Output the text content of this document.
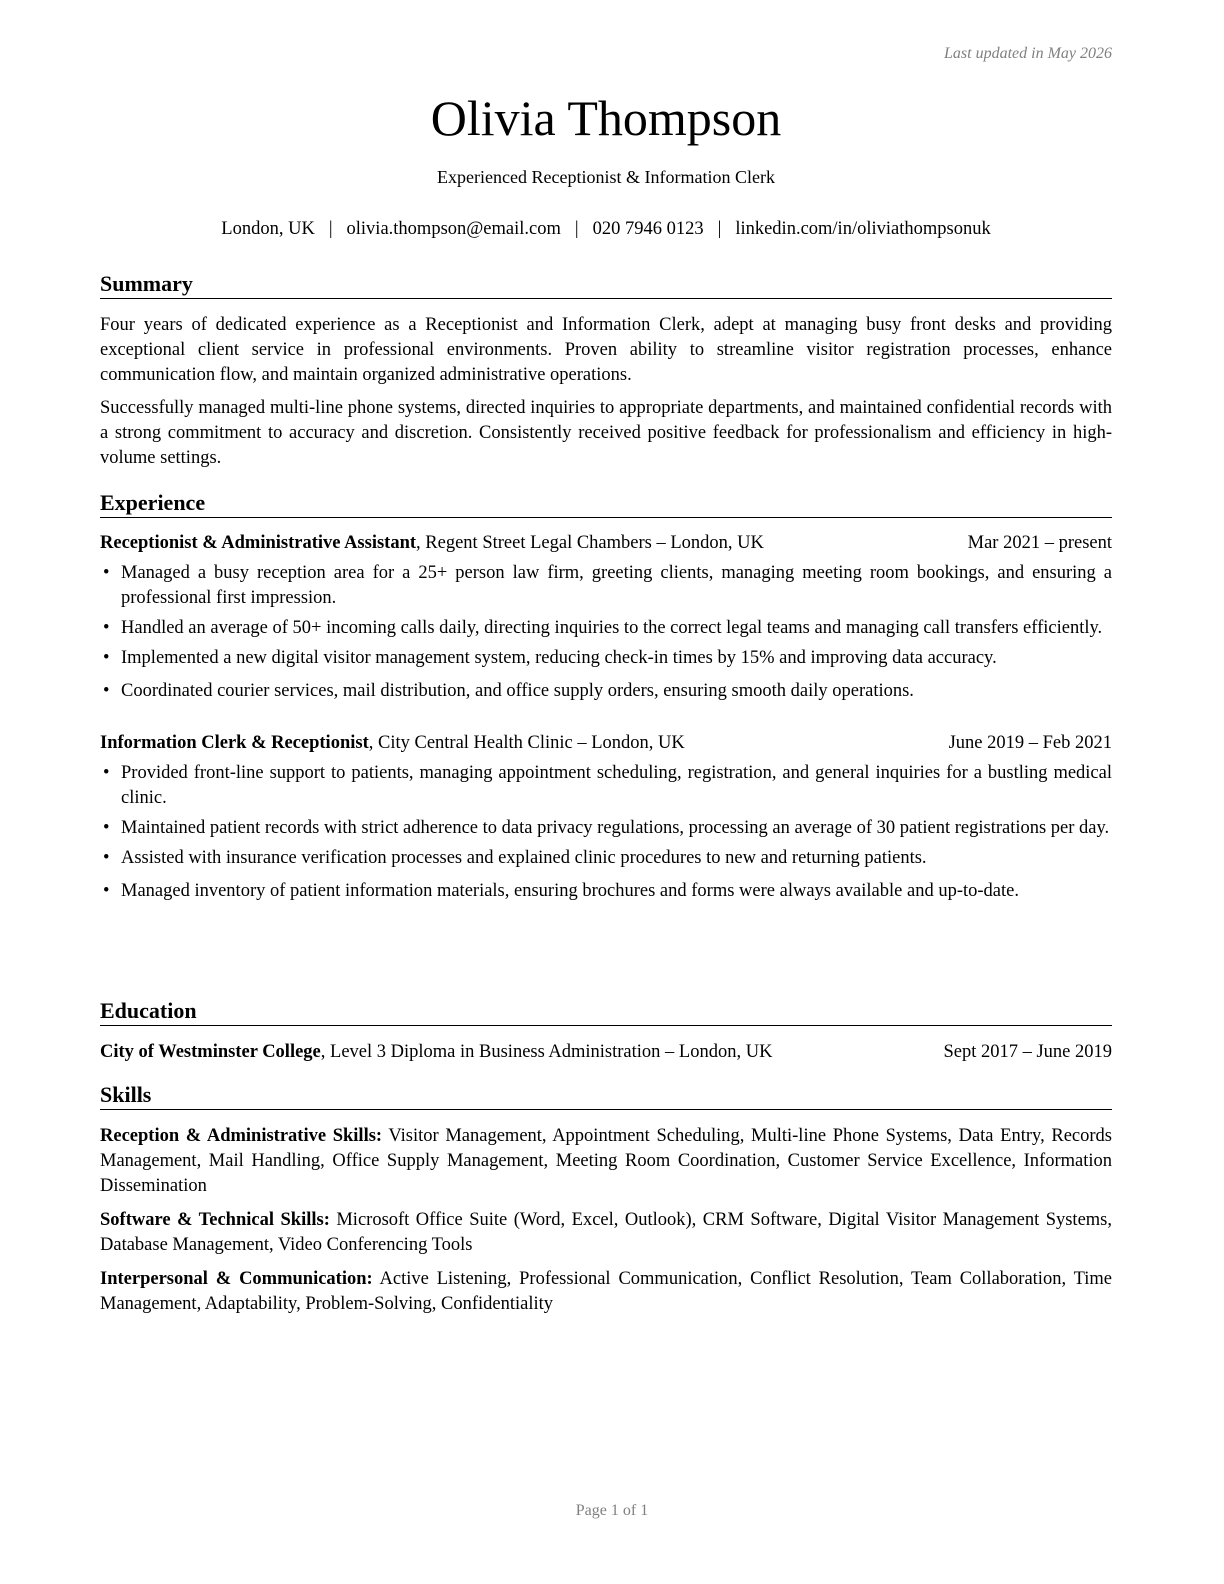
Last updated in May 2026
Olivia Thompson
Experienced Receptionist & Information Clerk
London, UK | olivia.thompson@email.com | 020 7946 0123 | linkedin.com/in/oliviathompsonuk
Summary

Four years of dedicated experience as a Receptionist and Information Clerk, adept at managing busy front desks and providing exceptional client service in professional environments. Proven ability to streamline visitor registration processes, enhance communication flow, and maintain organized administrative operations.

Successfully managed multi-line phone systems, directed inquiries to appropriate departments, and maintained confidential records with a strong commitment to accuracy and discretion. Consistently received positive feedback for professionalism and efficiency in high-volume settings.

Experience
Receptionist & Administrative Assistant, Regent Street Legal Chambers – London, UK	Mar 2021 – present
• Managed a busy reception area for a 25+ person law firm, greeting clients, managing meeting room bookings, and ensuring a professional first impression.
• Handled an average of 50+ incoming calls daily, directing inquiries to the correct legal teams and managing call transfers efficiently.
• Implemented a new digital visitor management system, reducing check-in times by 15% and improving data accuracy.
• Coordinated courier services, mail distribution, and office supply orders, ensuring smooth daily operations.
Information Clerk & Receptionist, City Central Health Clinic – London, UK	June 2019 – Feb 2021
• Provided front-line support to patients, managing appointment scheduling, registration, and general inquiries for a bustling medical clinic.
• Maintained patient records with strict adherence to data privacy regulations, processing an average of 30 patient registrations per day.
• Assisted with insurance verification processes and explained clinic procedures to new and returning patients.
• Managed inventory of patient information materials, ensuring brochures and forms were always available and up-to-date.
Education
City of Westminster College, Level 3 Diploma in Business Administration – London, UK	Sept 2017 – June 2019
Skills
Reception & Administrative Skills: Visitor Management, Appointment Scheduling, Multi-line Phone Systems, Data Entry, Records Management, Mail Handling, Office Supply Management, Meeting Room Coordination, Customer Service Excellence, Information Dissemination
Software & Technical Skills: Microsoft Office Suite (Word, Excel, Outlook), CRM Software, Digital Visitor Management Systems, Database Management, Video Conferencing Tools
Interpersonal & Communication: Active Listening, Professional Communication, Conflict Resolution, Team Collaboration, Time Management, Adaptability, Problem-Solving, Confidentiality
Page 1 of 1
